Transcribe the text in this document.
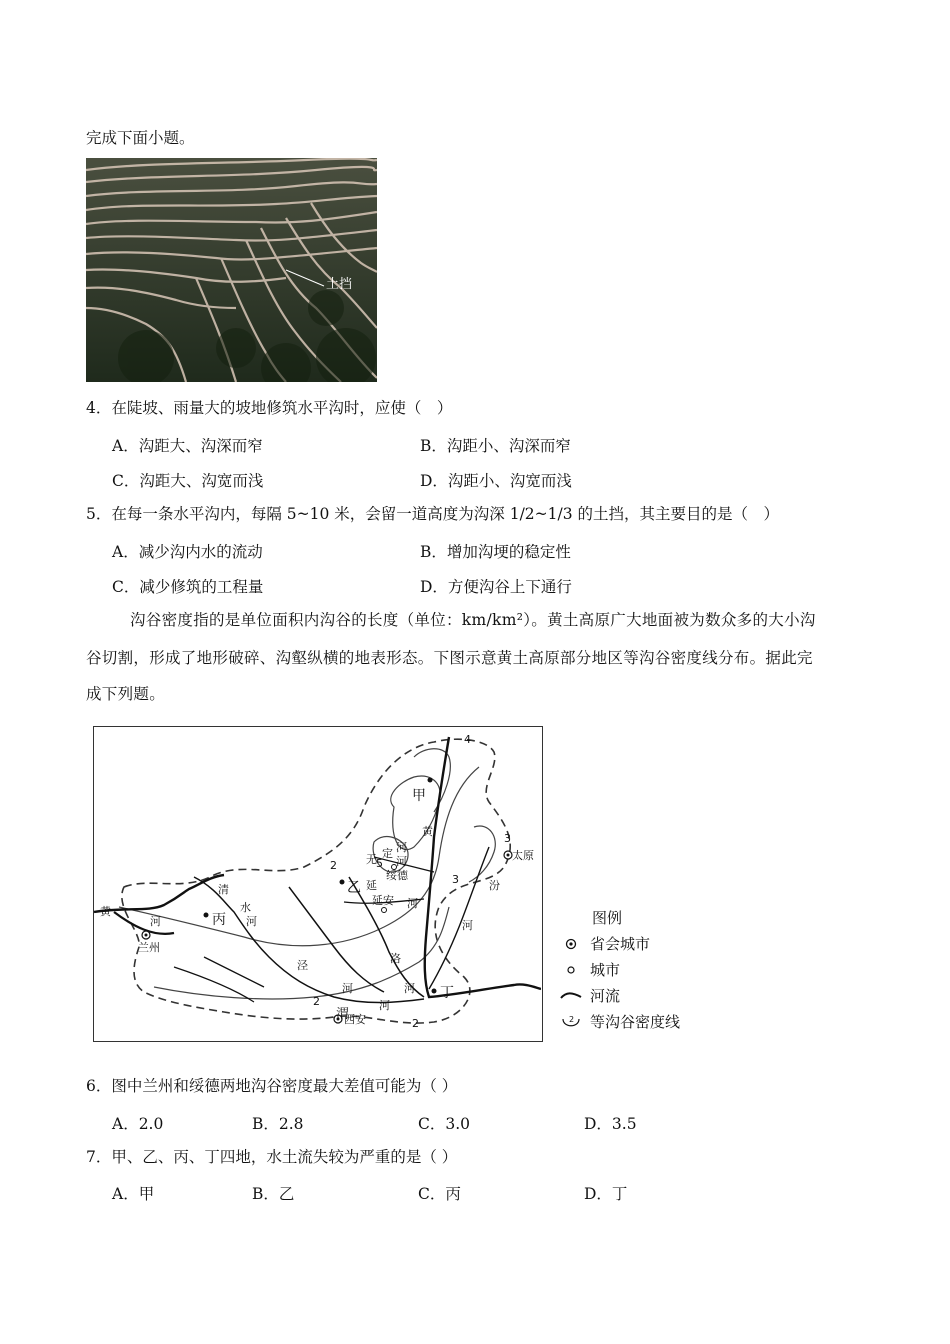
完成下面小题。
土挡
4．在陡坡、雨量大的坡地修筑水平沟时，应使（　）
A．沟距大、沟深而窄	B．沟距小、沟深而窄
C．沟距大、沟宽而浅	D．沟距小、沟宽而浅
5．在每一条水平沟内，每隔 5~10 米，会留一道高度为沟深 1/2~1/3 的土挡，其主要目的是（　）
A．减少沟内水的流动	B．增加沟埂的稳定性
C．减少修筑的工程量	D．方便沟谷上下通行
沟谷密度指的是单位面积内沟谷的长度（单位：km/km²）。黄土高原广大地面被为数众多的大小沟
谷切割，形成了地形破碎、沟壑纵横的地表形态。下图示意黄土高原部分地区等沟谷密度线分布。据此完
成下列题。
甲
乙
丙
丁
兰州
西安
绥德
延安
太原
黄
河
黄
河
清
水
河
泾
河
洛
河
渭
河
无 定 河
延
河
汾
河
2
2
2
3
3
4
5
图例
省会城市
城市
河流
2 等沟谷密度线
6．图中兰州和绥德两地沟谷密度最大差值可能为（ ）
A．2.0	B．2.8	C．3.0	D．3.5
7．甲、乙、丙、丁四地，水土流失较为严重的是（ ）
A．甲	B．乙	C．丙	D．丁
